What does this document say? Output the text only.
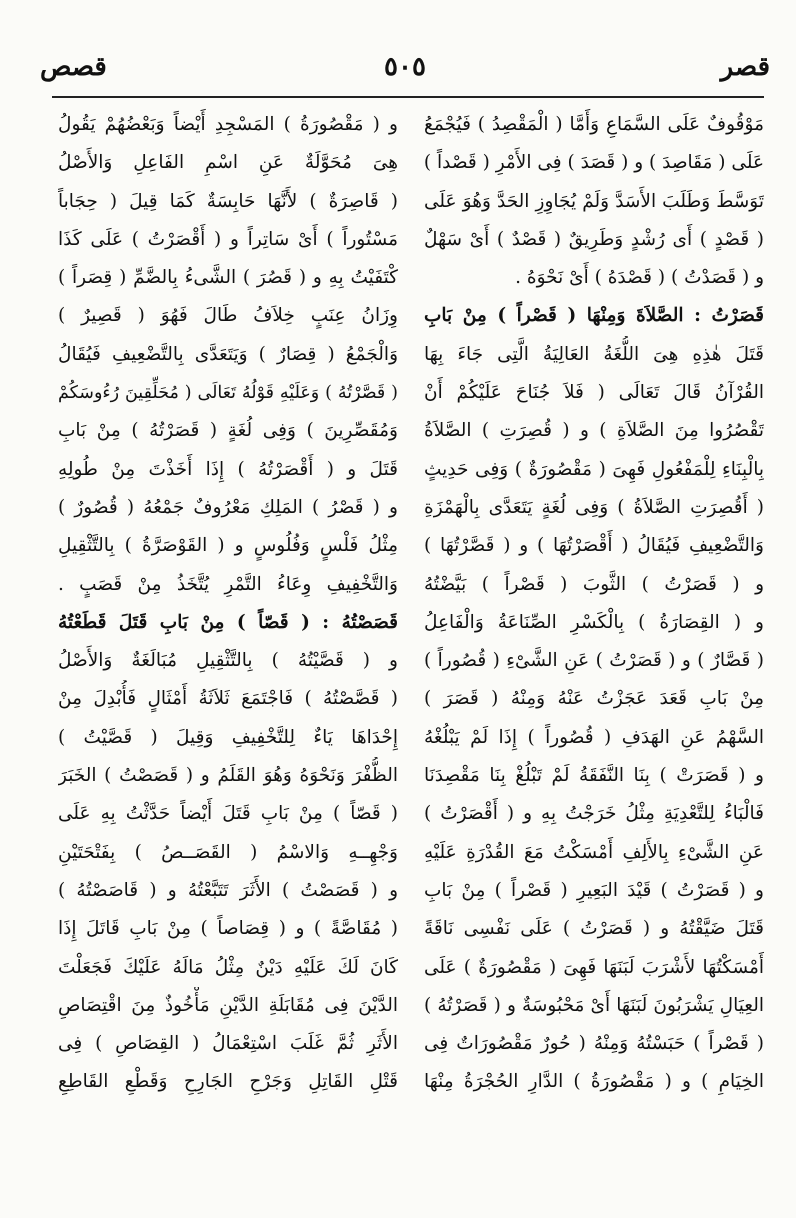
قصر
٥٠٥
قصص
مَوْقُوفٌ عَلَى السَّمَاعِ وَأَمَّا ( الْمَقْصِدُ ) فَيُجْمَعُ
عَلَى ( مَقَاصِدَ ) و ( قَصَدَ ) فِى الأَمْرِ ( قَصْداً )
تَوَسَّطَ وَطَلَبَ الأَسَدَّ وَلَمْ يُجَاوِزِ الحَدَّ وَهُوَ عَلَى
( قَصْدٍ ) أَى رُشْدٍ وَطَرِيقٌ ( قَصْدٌ ) أَىْ سَهْلٌ
و ( قَصَدْتُ ) ( قَصْدَهُ ) أَىْ نَحْوَهُ .
قَصَرْتُ : الصَّلاَةَ وَمِنْهَا ( قَصْراً ) مِنْ بَابِ
قَتَلَ هٰذِهِ هِىَ اللُّغَةُ العَالِيَةُ الَّتِى جَاءَ بِهَا
القُرْآنُ قَالَ تَعَالَى ( فَلاَ جُنَاحَ عَلَيْكُمْ أَنْ
تَقْصُرُوا مِنَ الصَّلاَةِ ) و ( قُصِرَتِ ) الصَّلاَةُ
بِالْبِنَاءِ لِلْمَفْعُولِ فَهِىَ ( مَقْصُورَةٌ ) وَفِى حَدِيثٍ
( أَقُصِرَتِ الصَّلاَةُ ) وَفِى لُغَةٍ يَتَعَدَّى بِالْهَمْزَةِ
وَالتَّضْعِيفِ فَيُقَالُ ( أَقْصَرْتُهَا ) و ( قَصَّرْتُهَا )
و ( قَصَرْتُ ) الثَّوبَ ( قَصْراً ) بَيَّضْتُهُ
و ( القِصَارَةُ ) بِالْكَسْرِ الصِّنَاعَةُ وَالْفَاعِلُ
( قَصَّارٌ ) و ( قَصَرْتُ ) عَنِ الشَّىْءِ ( قُصُوراً )
مِنْ بَابِ قَعَدَ عَجَزْتُ عَنْهُ وَمِنْهُ ( قَصَرَ )
السَّهْمُ عَنِ الهَدَفِ ( قُصُوراً ) إِذَا لَمْ يَبْلُغْهُ
و ( قَصَرَتْ ) بِنَا النَّفَقَةُ لَمْ تَبْلُغْ بِنَا مَقْصِدَنَا
فَالْبَاءُ لِلتَّعْدِيَةِ مِثْلُ خَرَجْتُ بِهِ و ( أَقْصَرْتُ )
عَنِ الشَّىْءِ بِالأَلِفِ أَمْسَكْتُ مَعَ القُدْرَةِ عَلَيْهِ
و ( قَصَرْتُ ) قَيْدَ البَعِيرِ ( قَصْراً ) مِنْ بَابِ
قَتَلَ ضَيَّقْتُهُ و ( قَصَرْتُ ) عَلَى نَفْسِى نَاقَةً
أَمْسَكْتُهَا لأَشْرَبَ لَبَنَهَا فَهِىَ ( مَقْصُورَةٌ ) عَلَى
العِيَالِ يَشْرَبُونَ لَبَنَهَا أَىْ مَحْبُوسَةٌ و ( قَصَرْتُهُ )
( قَصْراً ) حَبَسْتُهُ وَمِنْهُ ( حُورٌ مَقْصُورَاتٌ فِى
الخِيَامِ ) و ( مَقْصُورَةُ ) الدَّارِ الحُجْرَةُ مِنْهَا
و ( مَقْصُورَةُ ) المَسْجِدِ أَيْضاً وَبَعْضُهُمْ يَقُولُ
هِىَ مُحَوَّلَةٌ عَنِ اسْمِ الفَاعِلِ وَالأَصْلُ
( قَاصِرَةٌ ) لأَنَّهَا حَابِسَةٌ كَمَا قِيلَ ( حِجَاباً
مَسْتُوراً ) أَىْ سَاتِراً و ( أَقْصَرْتُ ) عَلَى كَذَا
كْتَفَيْتُ بِهِ و ( قَصُرَ ) الشَّىءُ بِالضَّمِّ ( قِصَراً )
وِزَانُ عِنَبٍ خِلاَفُ طَالَ فَهُوَ ( قَصِيرٌ )
وَالْجَمْعُ ( قِصَارٌ ) وَيَتَعَدَّى بِالتَّضْعِيفِ فَيُقَالُ
( قَصَّرْتُهُ ) وَعَلَيْهِ قَوْلُهُ تَعَالَى ( مُحَلِّقِينَ رُءُوسَكُمْ
وَمُقَصِّرِينَ ) وَفِى لُغَةٍ ( قَصَرْتُهُ ) مِنْ بَابِ
قَتَلَ و ( أَقْصَرْتُهُ ) إِذَا أَخَذْتَ مِنْ طُولِهِ
و ( قَصْرُ ) المَلِكِ مَعْرُوفٌ جَمْعُهُ ( قُصُورٌ )
مِثْلُ فَلْسٍ وَفُلُوسٍ و ( القَوْصَرَّةُ ) بِالتَّثْقِيلِ
وَالتَّخْفِيفِ وِعَاءُ التَّمْرِ يُتَّخَذُ مِنْ قَصَبٍ .
قَصَصْتُهُ : ( قَصّاً ) مِنْ بَابِ قَتَلَ قَطَعْتُهُ
و ( قَصَّيْتُهُ ) بِالتَّثْقِيلِ مُبَالَغَةٌ وَالأَصْلُ
( قَصَّصْتُهُ ) فَاجْتَمَعَ ثَلاَثَةُ أَمْثَالٍ فَأُبْدِلَ مِنْ
إِحْدَاهَا يَاءٌ لِلتَّخْفِيفِ وَقِيلَ ( قَصَّيْتُ )
الظُّفْرَ وَنَحْوَهُ وَهُوَ القَلَمُ و ( قَصَصْتُ ) الخَبَرَ
( قَصّاً ) مِنْ بَابِ قَتَلَ أَيْضاً حَدَّثْتُ بِهِ عَلَى
وَجْهِــهِ وَالاسْمُ ( القَصَــصُ ) بِفَتْحَتَيْنِ
و ( قَصَصْتُ ) الأَثَرَ تَتَبَّعْتُهُ و ( قَاصَصْتُهُ )
( مُقَاصَّةً ) و ( قِصَاصاً ) مِنْ بَابِ قَاتَلَ إِذَا
كَانَ لَكَ عَلَيْهِ دَيْنٌ مِثْلُ مَالَهُ عَلَيْكَ فَجَعَلْتَ
الدَّيْنَ فِى مُقَابَلَةِ الدَّيْنِ مَأْخُوذٌ مِنَ اقْتِصَاصِ
الأَثَرِ ثُمَّ غَلَبَ اسْتِعْمَالُ ( القِصَاصِ ) فِى
قَتْلِ القَاتِلِ وَجَرْحِ الجَارِحِ وَقَطْعِ القَاطِعِ
